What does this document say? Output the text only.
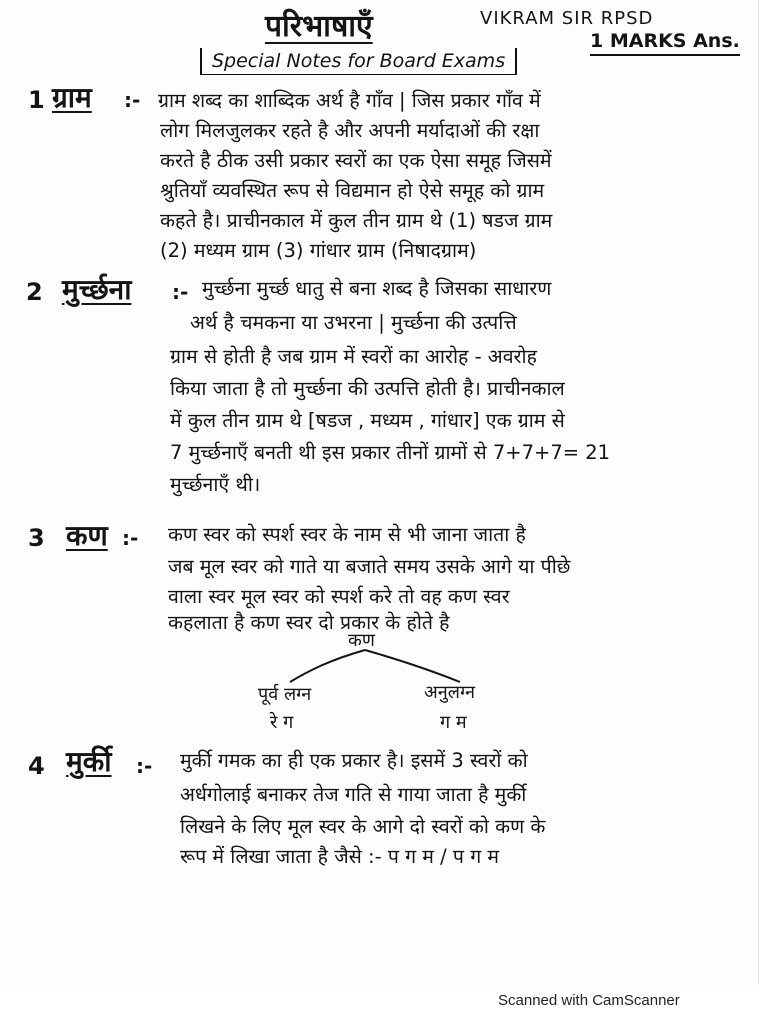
परिभाषाएँ	VIKRAM SIR RPSD
Special Notes for Board Exams
1 MARKS Ans.
1 ग्राम :- ग्राम शब्द का शाब्दिक अर्थ है गाँव | जिस प्रकार गाँव में
लोग मिलजुलकर रहते है और अपनी मर्यादाओं की रक्षा
करते है ठीक उसी प्रकार स्वरों का एक ऐसा समूह जिसमें
श्रुतियाँ व्यवस्थित रूप से विद्यमान हो ऐसे समूह को ग्राम
कहते है। प्राचीनकाल में कुल तीन ग्राम थे (1) षडज ग्राम
(2) मध्यम ग्राम (3) गांधार ग्राम (निषादग्राम)
2 मुर्च्छना :- मुर्च्छना मुर्च्छ धातु से बना शब्द है जिसका साधारण
अर्थ है चमकना या उभरना | मुर्च्छना की उत्पत्ति
ग्राम से होती है जब ग्राम में स्वरों का आरोह - अवरोह
किया जाता है तो मुर्च्छना की उत्पत्ति होती है। प्राचीनकाल
में कुल तीन ग्राम थे [षडज , मध्यम , गांधार] एक ग्राम से
7 मुर्च्छनाएँ बनती थी इस प्रकार तीनों ग्रामों से 7+7+7= 21
मुर्च्छनाएँ थी।
3 कण :- कण स्वर को स्पर्श स्वर के नाम से भी जाना जाता है
जब मूल स्वर को गाते या बजाते समय उसके आगे या पीछे
वाला स्वर मूल स्वर को स्पर्श करे तो वह कण स्वर
कहलाता है कण स्वर दो प्रकार के होते है
कण
पूर्व लग्न
रे ग
अनुलग्न
ग म
4 मुर्की :- मुर्की गमक का ही एक प्रकार है। इसमें 3 स्वरों को
अर्धगोलाई बनाकर तेज गति से गाया जाता है मुर्की
लिखने के लिए मूल स्वर के आगे दो स्वरों को कण के
रूप में लिखा जाता है जैसे :- प ग म / प ग म
Scanned with CamScanner
